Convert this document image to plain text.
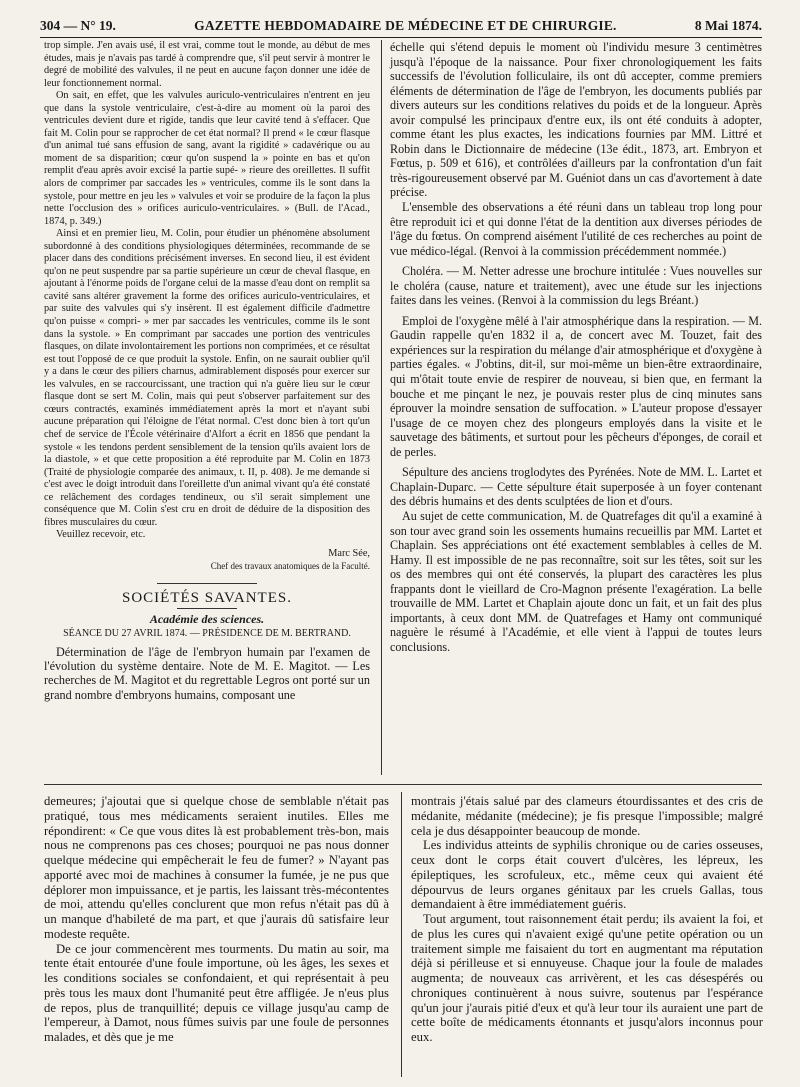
304 — N° 19.	GAZETTE HEBDOMADAIRE DE MÉDECINE ET DE CHIRURGIE.	8 Mai 1874.

trop simple. J'en avais usé, il est vrai, comme tout le monde, au début de mes études, mais je n'avais pas tardé à comprendre que, s'il peut servir à montrer le degré de mobilité des valvules, il ne peut en aucune façon donner une idée de leur fonctionnement normal.

On sait, en effet, que les valvules auriculo-ventriculaires n'entrent en jeu que dans la systole ventriculaire, c'est-à-dire au moment où la paroi des ventricules devient dure et rigide, tandis que leur cavité tend à s'effacer. Que fait M. Colin pour se rapprocher de cet état normal? Il prend « le cœur flasque d'un animal tué sans effusion de sang, avant la rigidité » cadavérique ou au moment de sa disparition; cœur qu'on suspend la » pointe en bas et qu'on remplit d'eau après avoir excisé la partie supé- » rieure des oreillettes. Il suffit alors de comprimer par saccades les » ventricules, comme ils le sont dans la systole, pour mettre en jeu les » valvules et voir se produire de la façon la plus nette l'occlusion des » orifices auriculo-ventriculaires. » (Bull. de l'Acad., 1874, p. 349.)

Ainsi et en premier lieu, M. Colin, pour étudier un phénomène absolument subordonné à des conditions physiologiques déterminées, recommande de se placer dans des conditions précisément inverses. En second lieu, il est évident qu'on ne peut suspendre par sa partie supérieure un cœur de cheval flasque, en ajoutant à l'énorme poids de l'organe celui de la masse d'eau dont on remplit sa cavité sans altérer gravement la forme des orifices auriculo-ventriculaires, et par suite des valvules qui s'y insèrent. Il est également difficile d'admettre qu'on puisse « compri- » mer par saccades les ventricules, comme ils le sont dans la systole. » En comprimant par saccades une portion des ventricules flasques, on dilate involontairement les portions non comprimées, et ce résultat est tout l'opposé de ce que produit la systole. Enfin, on ne saurait oublier qu'il y a dans le cœur des piliers charnus, admirablement disposés pour exercer sur les valvules, en se raccourcissant, une traction qui n'a guère lieu sur le cœur flasque dont se sert M. Colin, mais qui peut s'observer parfaitement sur des cœurs contractés, examinés immédiatement après la mort et n'ayant subi aucune préparation qui l'éloigne de l'état normal. C'est donc bien à tort qu'un chef de service de l'École vétérinaire d'Alfort a écrit en 1856 que pendant la systole « les tendons perdent sensiblement de la tension qu'ils avaient lors de la diastole, » et que cette proposition a été reproduite par M. Colin en 1873 (Traité de physiologie comparée des animaux, t. II, p. 408). Je me demande si c'est avec le doigt introduit dans l'oreillette d'un animal vivant qu'a été constaté ce relâchement des cordages tendineux, ou s'il serait simplement une conséquence que M. Colin s'est cru en droit de déduire de la disposition des fibres musculaires du cœur.

Veuillez recevoir, etc.

Marc Sée,

Chef des travaux anatomiques de la Faculté.

SOCIÉTÉS SAVANTES.

Académie des sciences.

SÉANCE DU 27 AVRIL 1874. — PRÉSIDENCE DE M. BERTRAND.

Détermination de l'âge de l'embryon humain par l'examen de l'évolution du système dentaire. Note de M. E. Magitot. — Les recherches de M. Magitot et du regrettable Legros ont porté sur un grand nombre d'embryons humains, composant une

échelle qui s'étend depuis le moment où l'individu mesure 3 centimètres jusqu'à l'époque de la naissance. Pour fixer chronologiquement les faits successifs de l'évolution folliculaire, ils ont dû accepter, comme premiers éléments de détermination de l'âge de l'embryon, les documents publiés par divers auteurs sur les conditions relatives du poids et de la longueur. Après avoir compulsé les principaux d'entre eux, ils ont été conduits à adopter, comme étant les plus exactes, les indications fournies par MM. Littré et Robin dans le Dictionnaire de médecine (13e édit., 1873, art. Embryon et Fœtus, p. 509 et 616), et contrôlées d'ailleurs par la confrontation d'un fait très-rigoureusement observé par M. Guéniot dans un cas d'avortement à date précise.

L'ensemble des observations a été réuni dans un tableau trop long pour être reproduit ici et qui donne l'état de la dentition aux diverses périodes de l'âge du fœtus. On comprend aisément l'utilité de ces recherches au point de vue médico-légal. (Renvoi à la commission précédemment nommée.)

Choléra. — M. Netter adresse une brochure intitulée : Vues nouvelles sur le choléra (cause, nature et traitement), avec une étude sur les injections faites dans les veines. (Renvoi à la commission du legs Bréant.)

Emploi de l'oxygène mêlé à l'air atmosphérique dans la respiration. — M. Gaudin rappelle qu'en 1832 il a, de concert avec M. Touzet, fait des expériences sur la respiration du mélange d'air atmosphérique et d'oxygène à parties égales. « J'obtins, dit-il, sur moi-même un bien-être extraordinaire, qui m'ôtait toute envie de respirer de nouveau, si bien que, en fermant la bouche et me pinçant le nez, je pouvais rester plus de cinq minutes sans éprouver la moindre sensation de suffocation. » L'auteur propose d'essayer l'usage de ce moyen chez des plongeurs employés dans la visite et le sauvetage des bâtiments, et surtout pour les pêcheurs d'éponges, de corail et de perles.

Sépulture des anciens troglodytes des Pyrénées. Note de MM. L. Lartet et Chaplain-Duparc. — Cette sépulture était superposée à un foyer contenant des débris humains et des dents sculptées de lion et d'ours.

Au sujet de cette communication, M. de Quatrefages dit qu'il a examiné à son tour avec grand soin les ossements humains recueillis par MM. Lartet et Chaplain. Ses appréciations ont été exactement semblables à celles de M. Hamy. Il est impossible de ne pas reconnaître, soit sur les têtes, soit sur les os des membres qui ont été conservés, la plupart des caractères les plus frappants dont le vieillard de Cro-Magnon présente l'exagération. La belle trouvaille de MM. Lartet et Chaplain ajoute donc un fait, et un fait des plus importants, à ceux dont MM. de Quatrefages et Hamy ont communiqué naguère le résumé à l'Académie, et elle vient à l'appui de toutes leurs conclusions.

demeures; j'ajoutai que si quelque chose de semblable n'était pas pratiqué, tous mes médicaments seraient inutiles. Elles me répondirent: « Ce que vous dites là est probablement très-bon, mais nous ne comprenons pas ces choses; pourquoi ne pas nous donner quelque médecine qui empêcherait le feu de fumer? » N'ayant pas apporté avec moi de machines à consumer la fumée, je ne pus que déplorer mon impuissance, et je partis, les laissant très-mécontentes de moi, attendu qu'elles conclurent que mon refus n'était pas dû à un manque d'habileté de ma part, et que j'aurais dû satisfaire leur modeste requête.

De ce jour commencèrent mes tourments. Du matin au soir, ma tente était entourée d'une foule importune, où les âges, les sexes et les conditions sociales se confondaient, et qui représentait à peu près tous les maux dont l'humanité peut être affligée. Je n'eus plus de repos, plus de tranquillité; depuis ce village jusqu'au camp de l'empereur, à Damot, nous fûmes suivis par une foule de personnes malades, et dès que je me

montrais j'étais salué par des clameurs étourdissantes et des cris de médanite, médanite (médecine); je fis presque l'impossible; malgré cela je dus désappointer beaucoup de monde.

Les individus atteints de syphilis chronique ou de caries osseuses, ceux dont le corps était couvert d'ulcères, les lépreux, les épileptiques, les scrofuleux, etc., même ceux qui avaient été dépourvus de leurs organes génitaux par les cruels Gallas, tous demandaient à être immédiatement guéris.

Tout argument, tout raisonnement était perdu; ils avaient la foi, et de plus les cures qui n'avaient exigé qu'une petite opération ou un traitement simple me faisaient du tort en augmentant ma réputation déjà si périlleuse et si ennuyeuse. Chaque jour la foule de malades augmenta; de nouveaux cas arrivèrent, et les cas désespérés ou chroniques continuèrent à nous suivre, soutenus par l'espérance qu'un jour j'aurais pitié d'eux et qu'à leur tour ils auraient une part de cette boîte de médicaments étonnants et jusqu'alors inconnus pour eux.
